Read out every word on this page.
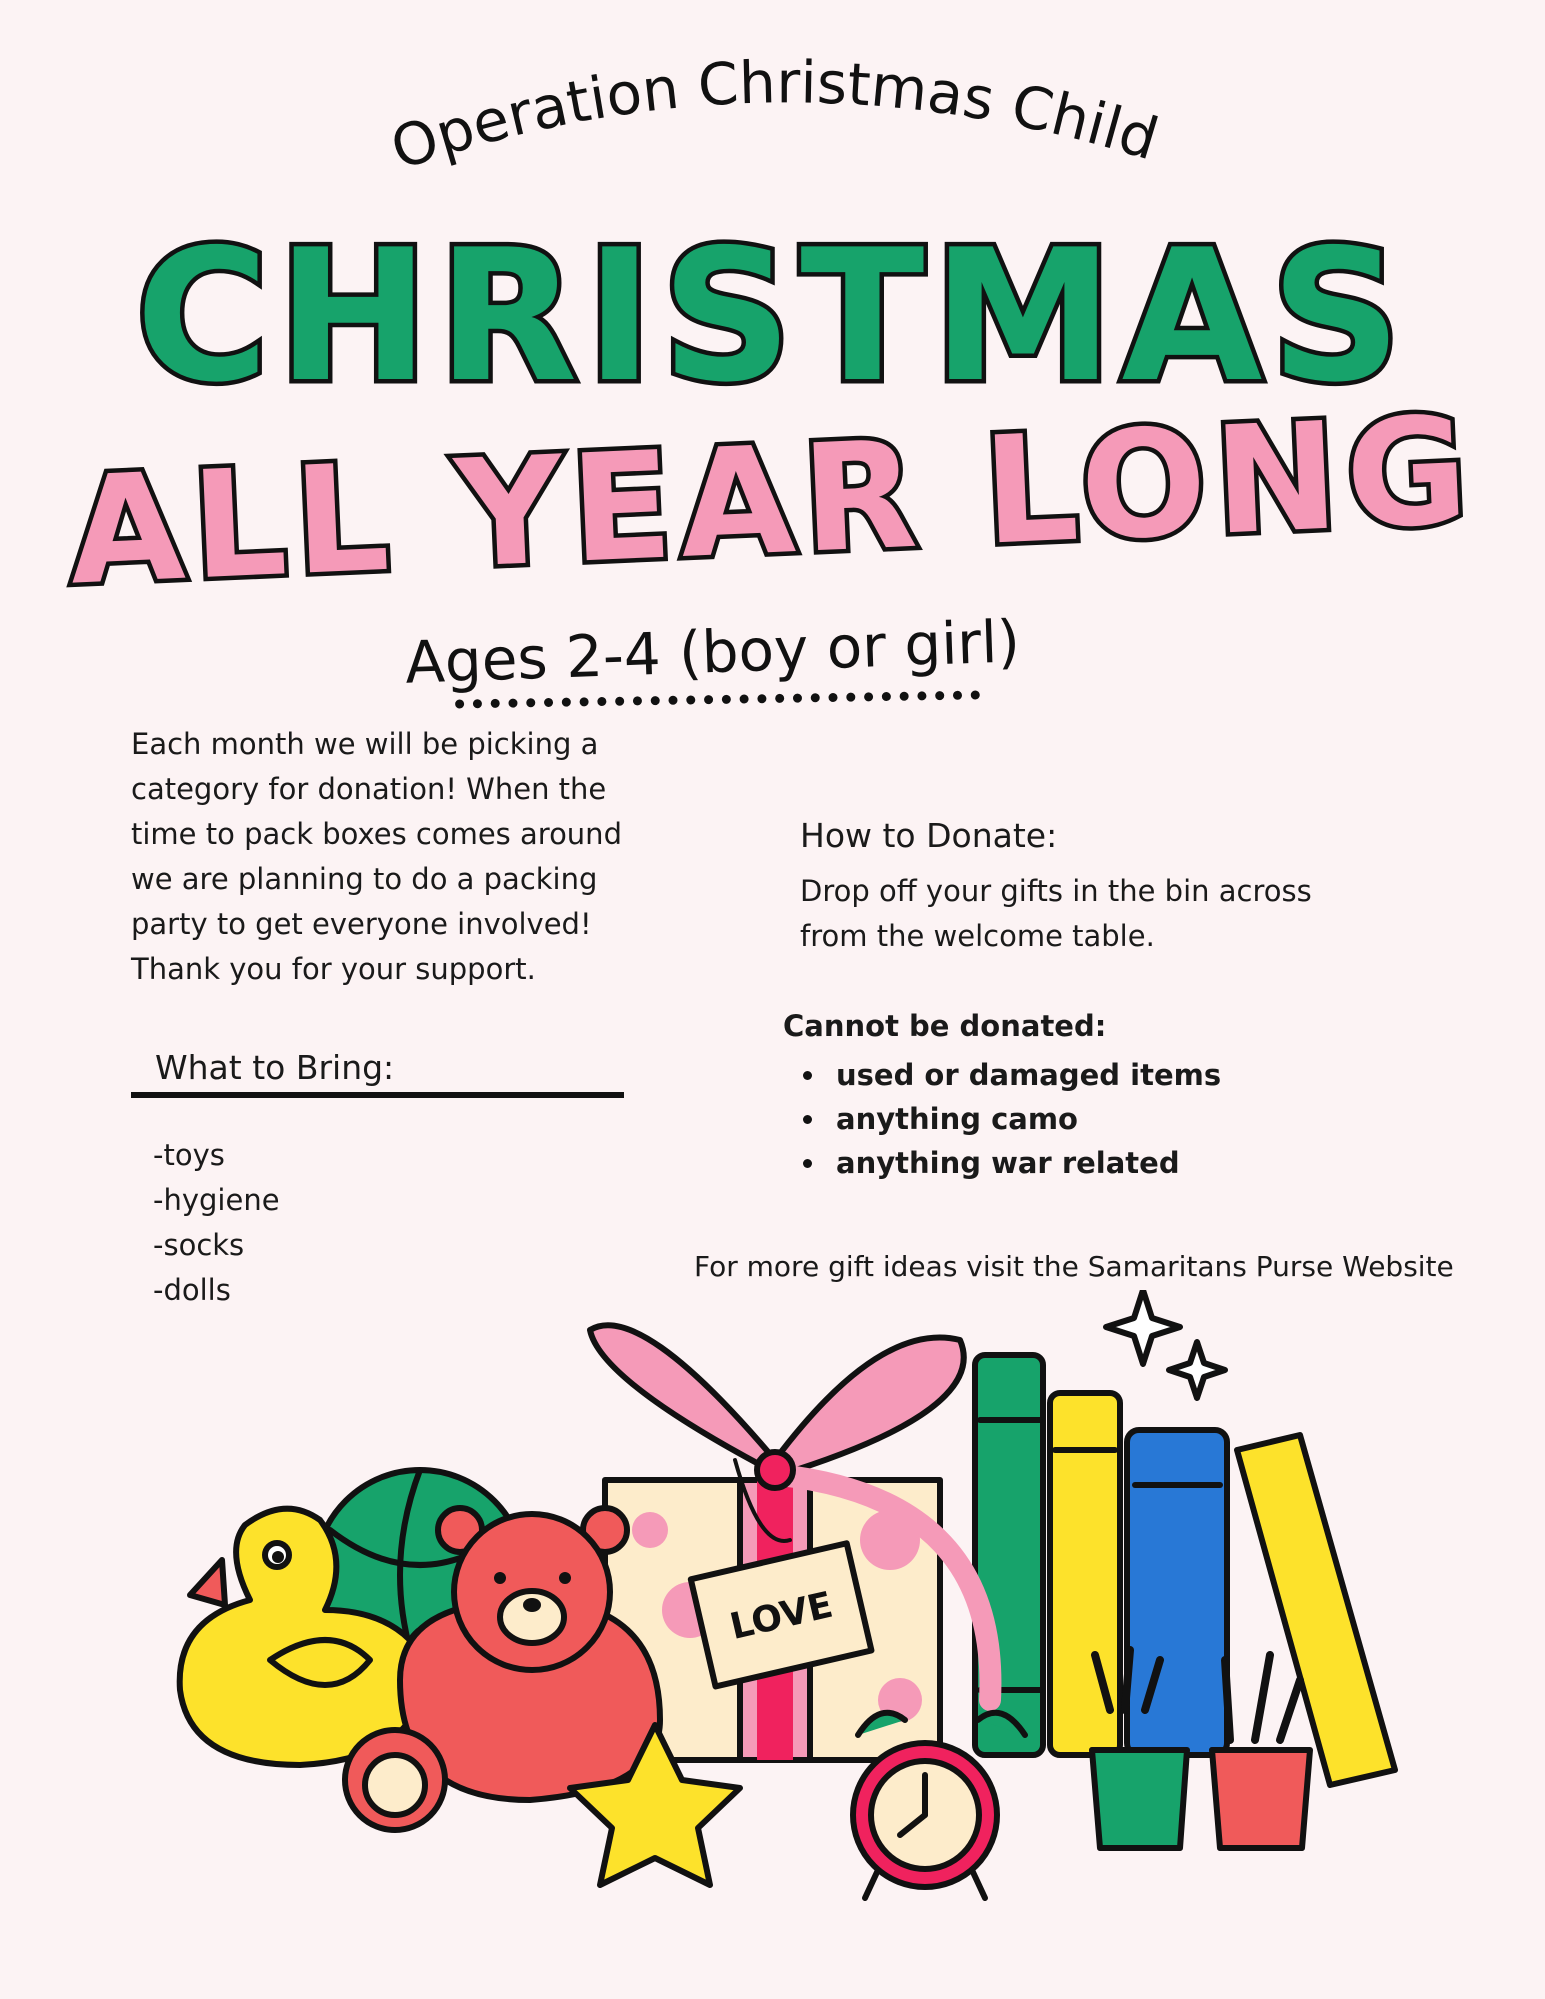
Operation Christmas Child
CHRISTMAS
ALL YEAR LONG
Ages 2-4 (boy or girl)

Each month we will be picking a category for donation! When the time to pack boxes comes around we are planning to do a packing party to get everyone involved! Thank you for your support.

How to Donate:

Drop off your gifts in the bin across from the welcome table.

Cannot be donated:
used or damaged items
anything camo
anything war related
What to Bring:
-toys
-hygiene
-socks
-dolls
For more gift ideas visit the Samaritans Purse Website
LOVE
